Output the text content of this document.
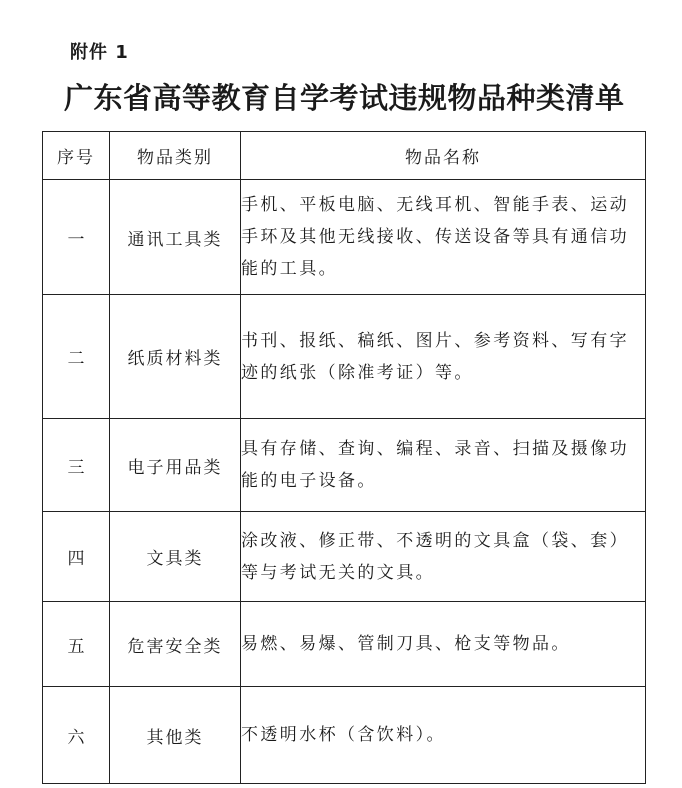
附件 1
广东省高等教育自学考试违规物品种类清单
序号	物品类别	物品名称
一	通讯工具类	手机、平板电脑、无线耳机、智能手表、运动手环及其他无线接收、传送设备等具有通信功能的工具。
二	纸质材料类	书刊、报纸、稿纸、图片、参考资料、写有字迹的纸张（除准考证）等。
三	电子用品类	具有存储、查询、编程、录音、扫描及摄像功能的电子设备。
四	文具类	涂改液、修正带、不透明的文具盒（袋、套）等与考试无关的文具。
五	危害安全类	易燃、易爆、管制刀具、枪支等物品。
六	其他类	不透明水杯（含饮料）。
